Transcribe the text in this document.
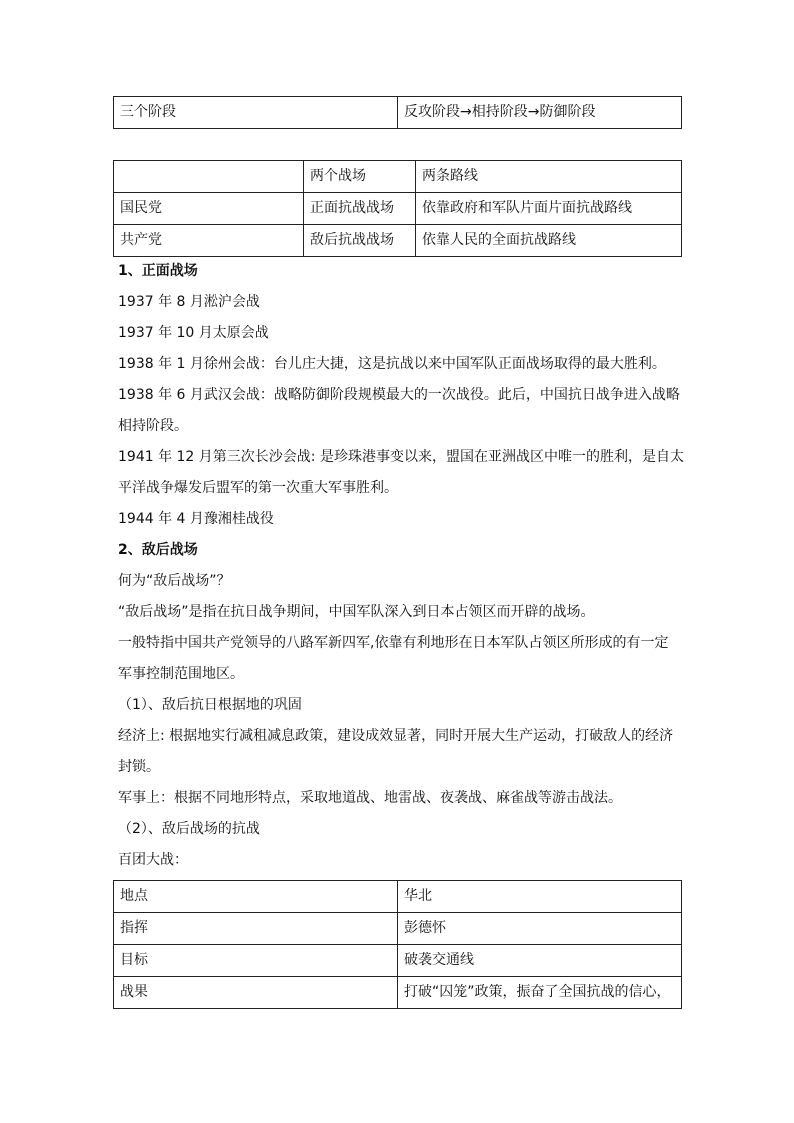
三个阶段	反攻阶段→相持阶段→防御阶段
	两个战场	两条路线
国民党	正面抗战战场	依靠政府和军队片面片面抗战路线
共产党	敌后抗战战场	依靠人民的全面抗战路线
1、正面战场
1937 年 8 月淞沪会战
1937 年 10 月太原会战
1938 年 1 月徐州会战：台儿庄大捷，这是抗战以来中国军队正面战场取得的最大胜利。
1938 年 6 月武汉会战：战略防御阶段规模最大的一次战役。此后，中国抗日战争进入战略
相持阶段。
1941 年 12 月第三次长沙会战: 是珍珠港事变以来，盟国在亚洲战区中唯一的胜利，是自太
平洋战争爆发后盟军的第一次重大军事胜利。
1944 年 4 月豫湘桂战役
2、敌后战场
何为“敌后战场”？
“敌后战场”是指在抗日战争期间，中国军队深入到日本占领区而开辟的战场。
一般特指中国共产党领导的八路军新四军,依靠有利地形在日本军队占领区所形成的有一定
军事控制范围地区。
（1）、敌后抗日根据地的巩固
经济上: 根据地实行减租减息政策，建设成效显著，同时开展大生产运动，打破敌人的经济
封锁。
军事上：根据不同地形特点，采取地道战、地雷战、夜袭战、麻雀战等游击战法。
（2）、敌后战场的抗战
百团大战：
地点	华北
指挥	彭德怀
目标	破袭交通线
战果	打破“囚笼”政策，振奋了全国抗战的信心，
